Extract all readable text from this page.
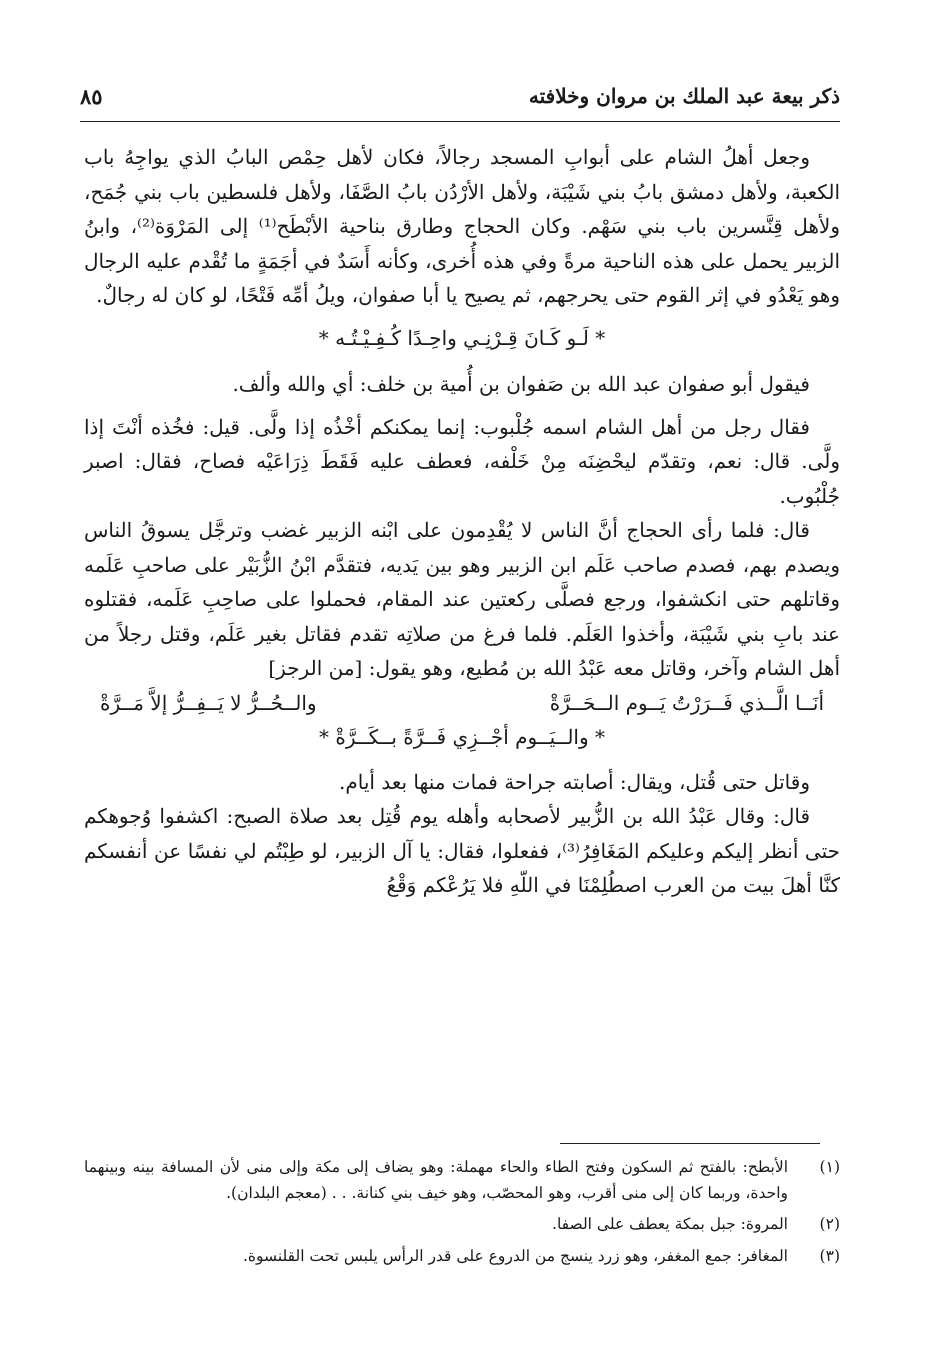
ذكر بيعة عبد الملك بن مروان وخلافته
٨٥

وجعل أهلُ الشام على أبوابِ المسجد رجالاً، فكان لأهل حِمْص البابُ الذي يواجِهُ باب الكعبة، ولأهل دمشق بابُ بني شَيْبَة، ولأهل الأرْدُن بابُ الصَّفَا، ولأهل فلسطين باب بني جُمَح، ولأهل قِنَّسرين باب بني سَهْم. وكان الحجاج وطارق بناحية الأبْطَح⁽¹⁾ إلى المَرْوَة⁽²⁾، وابنُ الزبير يحمل على هذه الناحية مرةً وفي هذه أُخرى، وكأنه أَسَدٌ في أجَمَةٍ ما تُقْدم عليه الرجال وهو يَعْدُو في إثر القوم حتى يحرجهم، ثم يصيح يا أبا صفوان، ويلُ أمِّه فَتْحًا، لو كان له رجالٌ.

* لَـو كَـانَ قِـرْنِـي واحِـدًا كُـفِـيْـتُـه *

فيقول أبو صفوان عبد الله بن صَفوان بن أُمية بن خلف: أي والله وألف.

فقال رجل من أهل الشام اسمه جُلْبوب: إنما يمكنكم أخْذُه إذا ولَّى. قيل: فخُذه أنْتَ إذا ولَّى. قال: نعم، وتقدّم ليحْضِنَه مِنْ خَلْفه، فعطف عليه فَقَطَ ذِرَاعَيْه فصاح، فقال: اصبر جُلْبُوب.

قال: فلما رأى الحجاج أنَّ الناس لا يُقْدِمون على ابْنه الزبير غضب وترجَّل يسوقُ الناس ويصدم بهم، فصدم صاحب عَلَم ابن الزبير وهو بين يَديه، فتقدَّم ابْنُ الزُّبَيْر على صاحبِ عَلَمه وقاتلهم حتى انكشفوا، ورجع فصلَّى ركعتين عند المقام، فحملوا على صاحِبِ عَلَمه، فقتلوه عند بابِ بني شَيْبَة، وأخذوا العَلَم. فلما فرغ من صلاتِه تقدم فقاتل بغير عَلَم، وقتل رجلاً من أهل الشام وآخر، وقاتل معه عَبْدُ الله بن مُطيع، وهو يقول: [من الرجز]

أنَــا الَّــذي فَــرَرْتُ يَــوم الــحَــرَّةْ
والــحُــرُّ لا يَــفِــرُّ إلاَّ مَــرَّةْ

* والــيَــوم أجْــزِي فَــرَّةً بــكَــرَّةْ *

وقاتل حتى قُتل، ويقال: أصابته جراحة فمات منها بعد أيام.

قال: وقال عَبْدُ الله بن الزُّبير لأصحابه وأهله يوم قُتِل بعد صلاة الصبح: اكشفوا وُجوهكم حتى أنظر إليكم وعليكم المَغَافِرُ⁽³⁾، ففعلوا، فقال: يا آل الزبير، لو طِبْتُم لي نفسًا عن أنفسكم كنَّا أهلَ بيت من العرب اصطُلِمْنَا في اللّهِ فلا يَرُعْكم وَقْعُ

(١)
الأبطح: بالفتح ثم السكون وفتح الطاء والحاء مهملة: وهو يضاف إلى مكة وإلى منى لأن المسافة بينه وبينهما واحدة، وربما كان إلى منى أقرب، وهو المحصّب، وهو خيف بني كنانة. . . (معجم البلدان).
(٢)
المروة: جبل بمكة يعطف على الصفا.
(٣)
المغافر: جمع المغفر، وهو زرد ينسج من الدروع على قدر الرأس يلبس تحت القلنسوة.
